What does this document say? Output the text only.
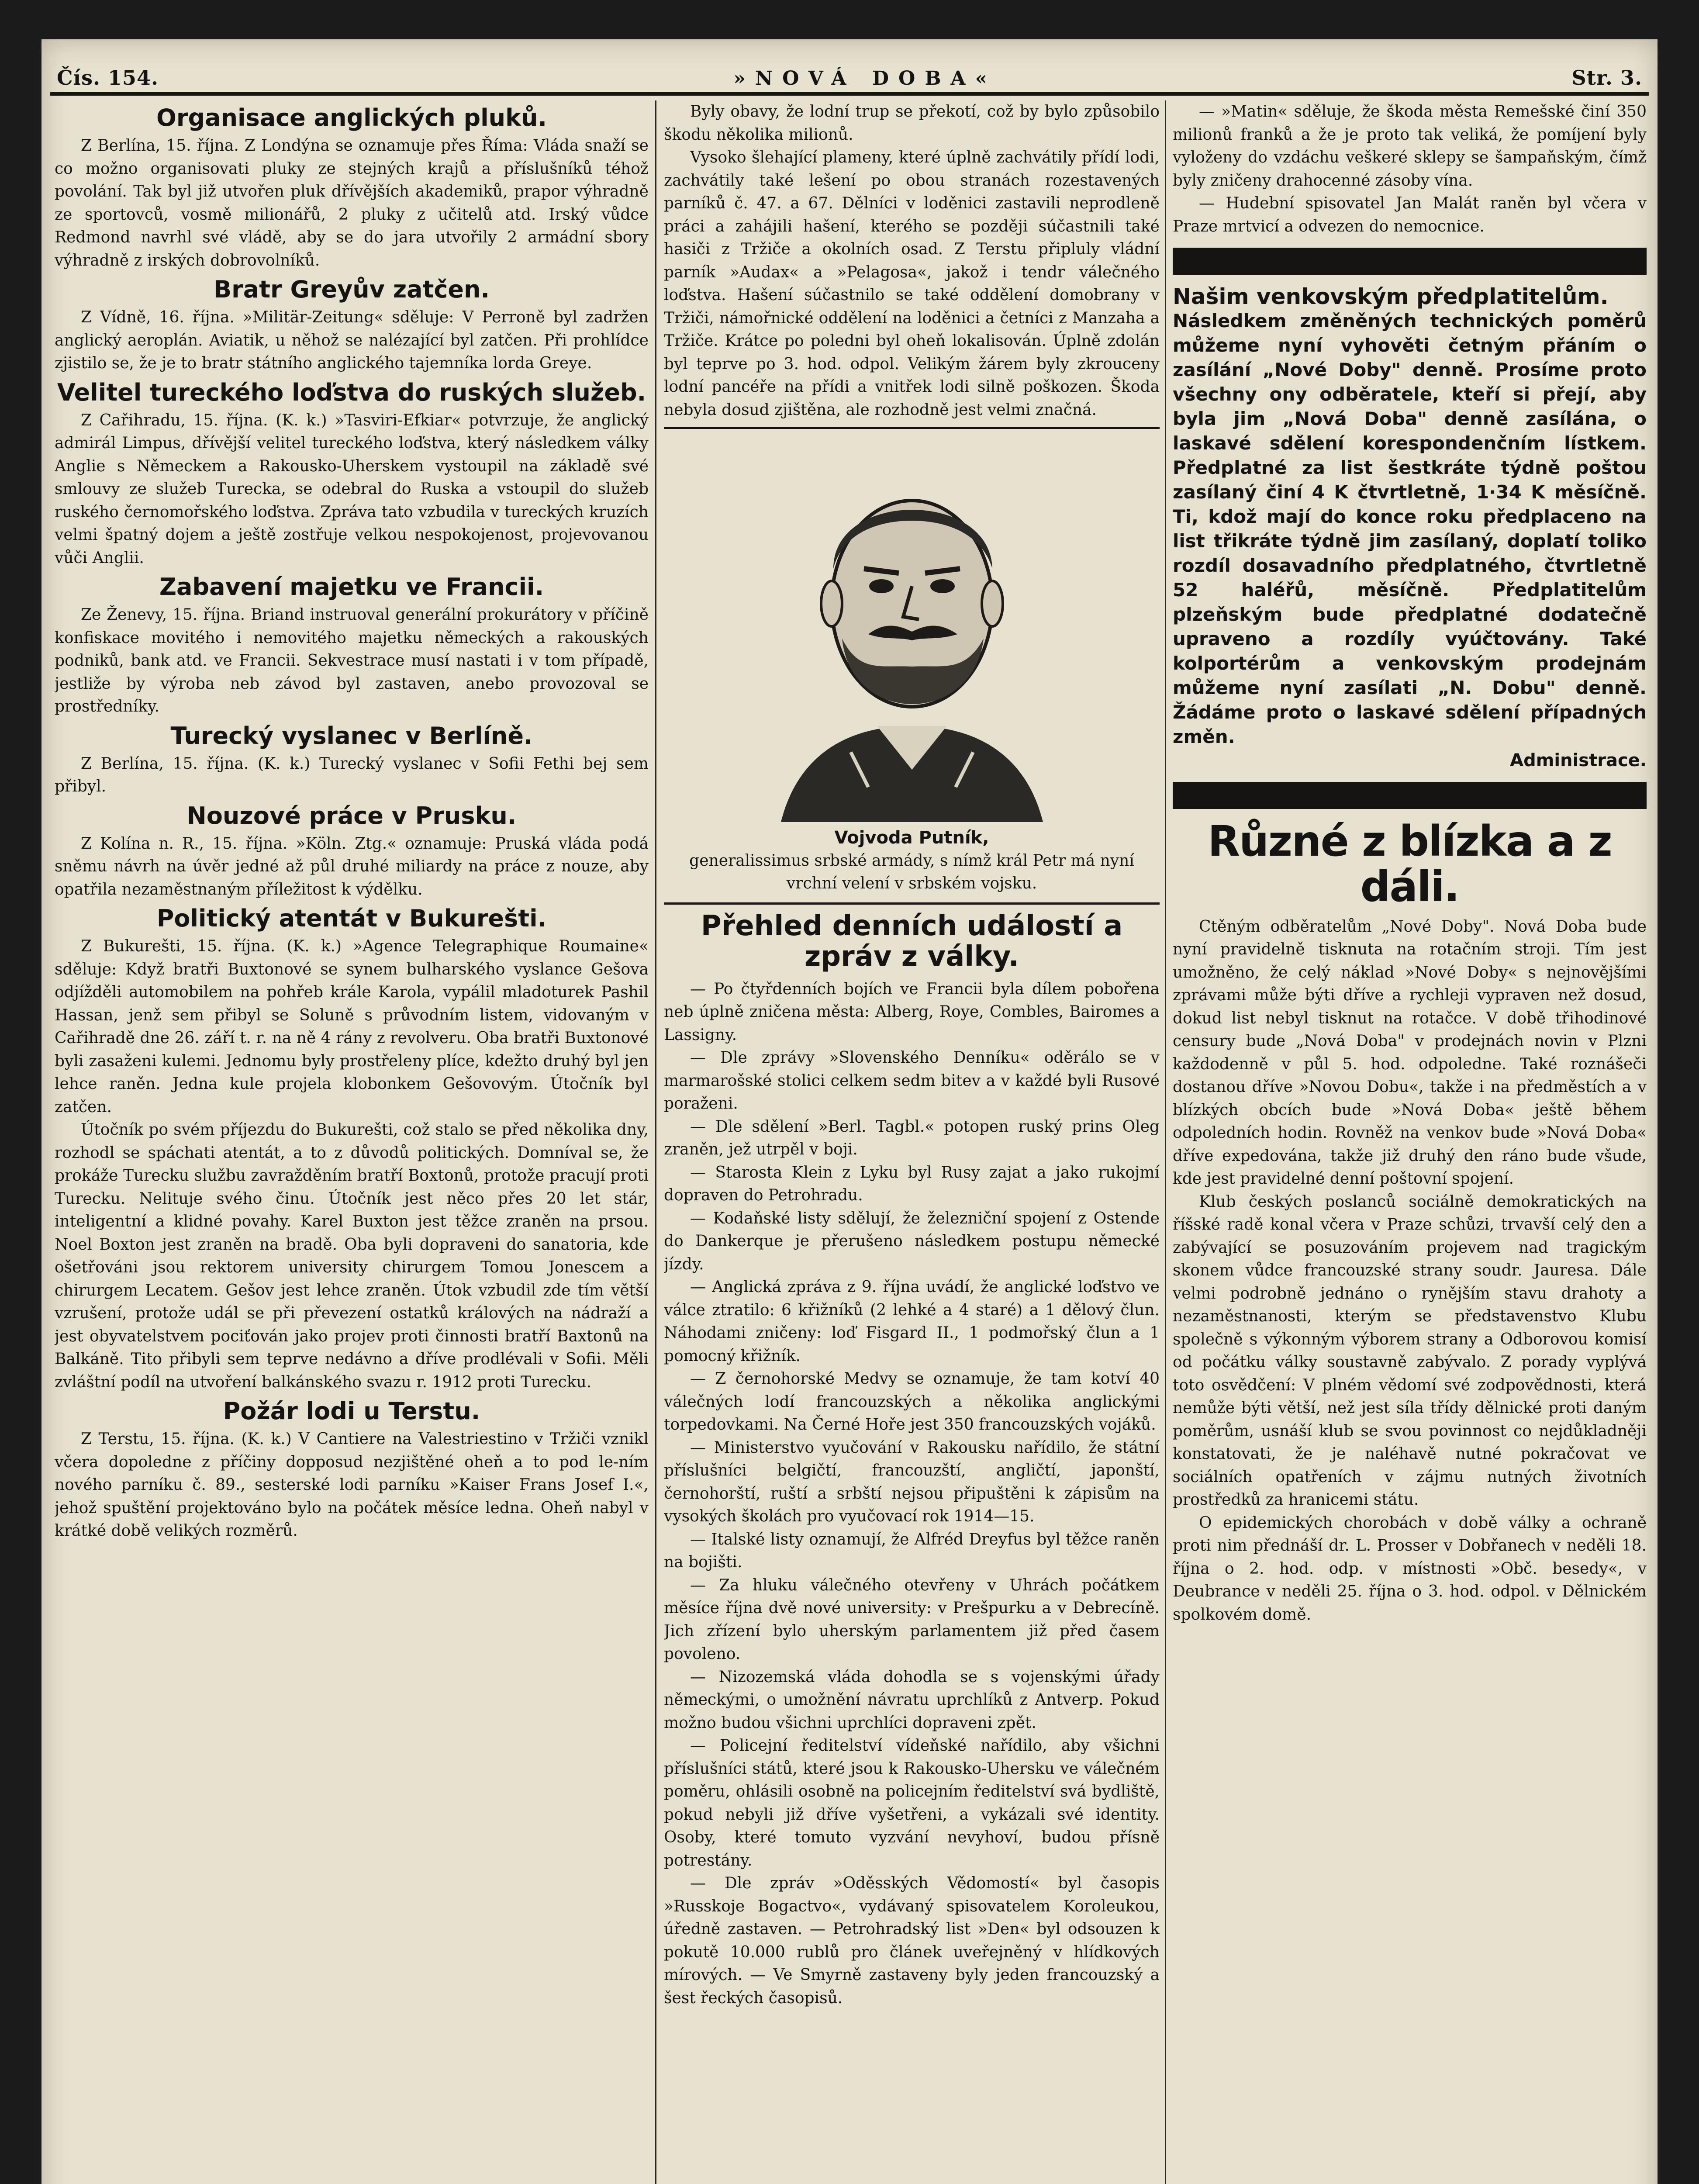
Čís. 154.	»NOVÁ DOBA«	Str. 3.
Organisace anglických pluků.

Z Berlína, 15. října. Z Londýna se oznamuje přes Říma: Vláda snaží se co možno organisovati pluky ze stejných krajů a příslušníků téhož povolání. Tak byl již utvořen pluk dřívějších akademiků, prapor výhradně ze sportovců, vosmě milionářů, 2 pluky z učitelů atd. Irský vůdce Redmond navrhl své vládě, aby se do jara utvořily 2 armádní sbory výhradně z irských dobrovolníků.

Bratr Greyův zatčen.

Z Vídně, 16. října. »Militär-Zeitung« sděluje: V Perroně byl zadržen anglický aeroplán. Aviatik, u něhož se nalézající byl zatčen. Při prohlídce zjistilo se, že je to bratr státního anglického tajemníka lorda Greye.

Velitel tureckého loďstva do ruských služeb.

Z Cařihradu, 15. října. (K. k.) »Tasviri-Efkiar« potvrzuje, že anglický admirál Limpus, dřívější velitel tureckého loďstva, který následkem války Anglie s Německem a Rakousko-Uherskem vystoupil na základě své smlouvy ze služeb Turecka, se odebral do Ruska a vstoupil do služeb ruského černomořského loďstva. Zpráva tato vzbudila v tureckých kruzích velmi špatný dojem a ještě zostřuje velkou nespokojenost, projevovanou vůči Anglii.

Zabavení majetku ve Francii.

Ze Ženevy, 15. října. Briand instruoval generální prokurátory v příčině konfiskace movitého i nemovitého majetku německých a rakouských podniků, bank atd. ve Francii. Sekvestrace musí nastati i v tom případě, jestliže by výroba neb závod byl zastaven, anebo provozoval se prostředníky.

Turecký vyslanec v Berlíně.

Z Berlína, 15. října. (K. k.) Turecký vyslanec v Sofii Fethi bej sem přibyl.

Nouzové práce v Prusku.

Z Kolína n. R., 15. října. »Köln. Ztg.« oznamuje: Pruská vláda podá sněmu návrh na úvěr jedné až půl druhé miliardy na práce z nouze, aby opatřila nezaměstnaným příležitost k výdělku.

Politický atentát v Bukurešti.

Z Bukurešti, 15. října. (K. k.) »Agence Telegraphique Roumaine« sděluje: Když bratři Buxtonové se synem bulharského vyslance Gešova odjížděli automobilem na pohřeb krále Karola, vypálil mladoturek Pashil Hassan, jenž sem přibyl se Soluně s průvodním listem, vidovaným v Cařihradě dne 26. září t. r. na ně 4 rány z revolveru. Oba bratři Buxtonové byli zasaženi kulemi. Jednomu byly prostřeleny plíce, kdežto druhý byl jen lehce raněn. Jedna kule projela klobonkem Gešovovým. Útočník byl zatčen.

Útočník po svém příjezdu do Bukurešti, což stalo se před několika dny, rozhodl se spáchati atentát, a to z důvodů politických. Domníval se, že prokáže Turecku službu zavražděním bratří Boxtonů, protože pracují proti Turecku. Nelituje svého činu. Útočník jest něco přes 20 let stár, inteligentní a klidné povahy. Karel Buxton jest těžce zraněn na prsou. Noel Boxton jest zraněn na bradě. Oba byli dopraveni do sanatoria, kde ošetřováni jsou rektorem university chirurgem Tomou Jonescem a chirurgem Lecatem. Gešov jest lehce zraněn. Útok vzbudil zde tím větší vzrušení, protože udál se při převezení ostatků králových na nádraží a jest obyvatelstvem pociťován jako projev proti činnosti bratří Baxtonů na Balkáně. Tito přibyli sem teprve nedávno a dříve prodlévali v Sofii. Měli zvláštní podíl na utvoření balkánského svazu r. 1912 proti Turecku.

Požár lodi u Terstu.

Z Terstu, 15. října. (K. k.) V Cantiere na Valestriestino v Tržiči vznikl včera dopoledne z příčiny dopposud nezjištěné oheň a to pod le-ním nového parníku č. 89., sesterské lodi parníku »Kaiser Frans Josef I.«, jehož spuštění projektováno bylo na počátek měsíce ledna. Oheň nabyl v krátké době velikých rozměrů.

Byly obavy, že lodní trup se překotí, což by bylo způsobilo škodu několika milionů.

Vysoko šlehající plameny, které úplně zachvátily přídí lodi, zachvátily také lešení po obou stranách rozestavených parníků č. 47. a 67. Dělníci v loděnici zastavili neprodleně práci a zahájili hašení, kterého se později súčastnili také hasiči z Tržiče a okolních osad. Z Terstu připluly vládní parník »Audax« a »Pelagosa«, jakož i tendr válečného loďstva. Hašení súčastnilo se také oddělení domobrany v Tržiči, námořnické oddělení na loděnici a četníci z Manzaha a Tržiče. Krátce po poledni byl oheň lokalisován. Úplně zdolán byl teprve po 3. hod. odpol. Velikým žárem byly zkrouceny lodní pancéře na přídi a vnitřek lodi silně poškozen. Škoda nebyla dosud zjištěna, ale rozhodně jest velmi značná.

Vojvoda Putník,
generalissimus srbské armády, s nímž král Petr má nyní vrchní velení v srbském vojsku.
Přehled denních událostí a zpráv z války.

— Po čtyřdenních bojích ve Francii byla dílem pobořena neb úplně zničena města: Alberg, Roye, Combles, Bairomes a Lassigny.

— Dle zprávy »Slovenského Denníku« oděrálo se v marmarošské stolici celkem sedm bitev a v každé byli Rusové poraženi.

— Dle sdělení »Berl. Tagbl.« potopen ruský prins Oleg zraněn, jež utrpěl v boji.

— Starosta Klein z Lyku byl Rusy zajat a jako rukojmí dopraven do Petrohradu.

— Kodaňské listy sdělují, že železniční spojení z Ostende do Dankerque je přerušeno následkem postupu německé jízdy.

— Anglická zpráva z 9. října uvádí, že anglické loďstvo ve válce ztratilo: 6 křižníků (2 lehké a 4 staré) a 1 dělový člun. Náhodami zničeny: loď Fisgard II., 1 podmořský člun a 1 pomocný křižník.

— Z černohorské Medvy se oznamuje, že tam kotví 40 válečných lodí francouzských a několika anglickými torpedovkami. Na Černé Hoře jest 350 francouzských vojáků.

— Ministerstvo vyučování v Rakousku nařídilo, že státní příslušníci belgičtí, francouzští, angličtí, japonští, černohorští, ruští a srbští nejsou připuštěni k zápisům na vysokých školách pro vyučovací rok 1914—15.

— Italské listy oznamují, že Alfréd Dreyfus byl těžce raněn na bojišti.

— Za hluku válečného otevřeny v Uhrách počátkem měsíce října dvě nové university: v Prešpurku a v Debrecíně. Jich zřízení bylo uherským parlamentem již před časem povoleno.

— Nizozemská vláda dohodla se s vojenskými úřady německými, o umožnění návratu uprchlíků z Antverp. Pokud možno budou všichni uprchlíci dopraveni zpět.

— Policejní ředitelství vídeňské nařídilo, aby všichni příslušníci států, které jsou k Rakousko-Uhersku ve válečném poměru, ohlásili osobně na policejním ředitelství svá bydliště, pokud nebyli již dříve vyšetřeni, a vykázali své identity. Osoby, které tomuto vyzvání nevyhoví, budou přísně potrestány.

— Dle zpráv »Oděsských Vědomostí« byl časopis »Russkoje Bogactvo«, vydávaný spisovatelem Koroleukou, úředně zastaven. — Petrohradský list »Den« byl odsouzen k pokutě 10.000 rublů pro článek uveřejněný v hlídkových mírových. — Ve Smyrně zastaveny byly jeden francouzský a šest řeckých časopisů.

— »Matin« sděluje, že škoda města Remešské činí 350 milionů franků a že je proto tak veliká, že pomíjení byly vyloženy do vzdáchu veškeré sklepy se šampaňským, čímž byly zničeny drahocenné zásoby vína.

— Hudební spisovatel Jan Malát raněn byl včera v Praze mrtvicí a odvezen do nemocnice.

Našim venkovským předplatitelům.

Následkem změněných technických poměrů můžeme nyní vyhověti četným přáním o zasílání „Nové Doby" denně. Prosíme proto všechny ony odběratele, kteří si přejí, aby byla jim „Nová Doba" denně zasílána, o laskavé sdělení korespondenčním lístkem. Předplatné za list šestkráte týdně poštou zasílaný činí 4 K čtvrtletně, 1·34 K měsíčně. Ti, kdož mají do konce roku předplaceno na list třikráte týdně jim zasílaný, doplatí toliko rozdíl dosavadního předplatného, čtvrtletně 52 haléřů, měsíčně. Předplatitelům plzeňským bude předplatné dodatečně upraveno a rozdíly vyúčtovány. Také kolportérům a venkovským prodejnám můžeme nyní zasílati „N. Dobu" denně. Žádáme proto o laskavé sdělení případných změn.

Administrace.
Různé z blízka a z dáli.

Ctěným odběratelům „Nové Doby". Nová Doba bude nyní pravidelně tisknuta na rotačním stroji. Tím jest umožněno, že celý náklad »Nové Doby« s nejnovějšími zprávami může býti dříve a rychleji vypraven než dosud, dokud list nebyl tisknut na rotačce. V době třihodinové censury bude „Nová Doba" v prodejnách novin v Plzni každodenně v půl 5. hod. odpoledne. Také roznášeči dostanou dříve »Novou Dobu«, takže i na předměstích a v blízkých obcích bude »Nová Doba« ještě během odpoledních hodin. Rovněž na venkov bude »Nová Doba« dříve expedována, takže již druhý den ráno bude všude, kde jest pravidelné denní poštovní spojení.

Klub českých poslanců sociálně demokratických na říšské radě konal včera v Praze schůzi, trvavší celý den a zabývající se posuzováním projevem nad tragickým skonem vůdce francouzské strany soudr. Jauresa. Dále velmi podrobně jednáno o rynějším stavu drahoty a nezaměstnanosti, kterým se představenstvo Klubu společně s výkonným výborem strany a Odborovou komisí od počátku války soustavně zabývalo. Z porady vyplývá toto osvědčení: V plném vědomí své zodpovědnosti, která nemůže býti větší, než jest síla třídy dělnické proti daným poměrům, usnáší klub se svou povinnost co nejdůkladněji konstatovati, že je naléhavě nutné pokračovat ve sociálních opatřeních v zájmu nutných životních prostředků za hranicemi státu.

O epidemických chorobách v době války a ochraně proti nim přednáší dr. L. Prosser v Dobřanech v neděli 18. října o 2. hod. odp. v místnosti »Obč. besedy«, v Deubrance v neděli 25. října o 3. hod. odpol. v Dělnickém spolkovém domě.
